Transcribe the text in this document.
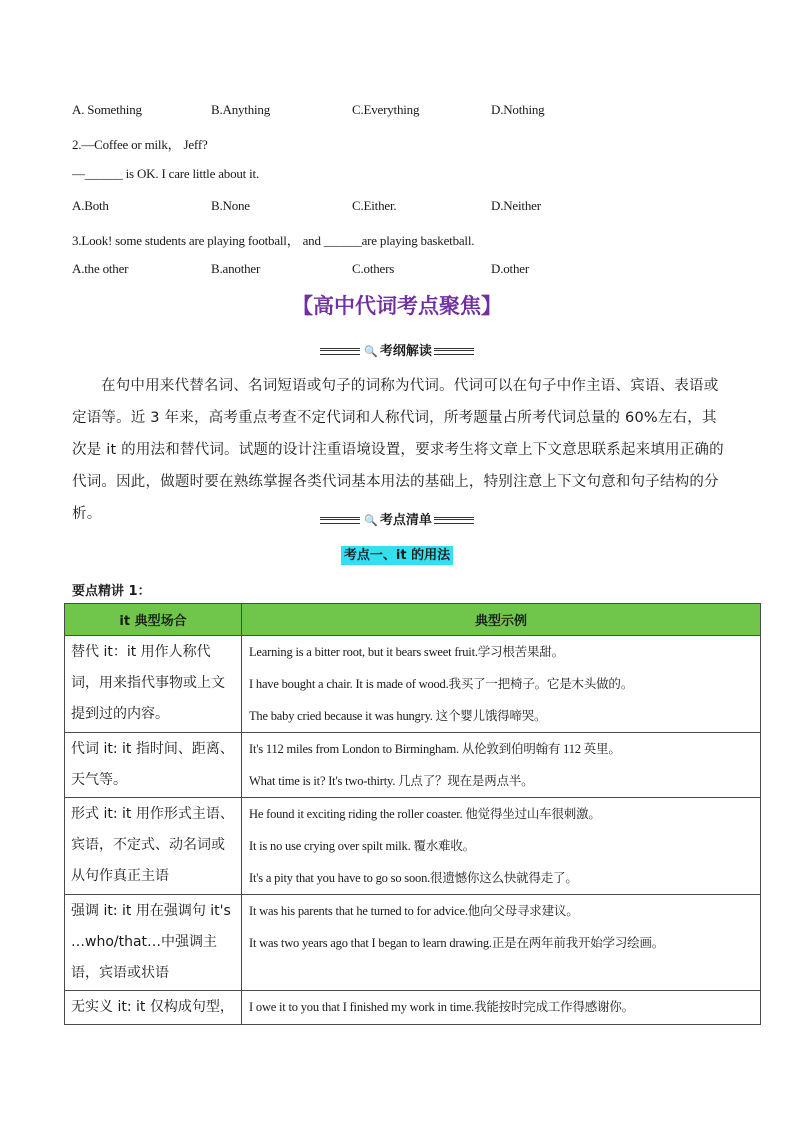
A. Something	B.Anything	C.Everything	D.Nothing
2.—Coffee or milk， Jeff?
—______ is OK. I care little about it.
A.Both	B.None	C.Either.	D.Neither
3.Look! some students are playing football， and ______are playing basketball.
A.the other	B.another	C.others	D.other
【高中代词考点聚焦】
🔍 考纲解读
在句中用来代替名词、名词短语或句子的词称为代词。代词可以在句子中作主语、宾语、表语或定语等。近 3 年来，高考重点考查不定代词和人称代词，所考题量占所考代词总量的 60%左右，其次是 it 的用法和替代词。试题的设计注重语境设置，要求考生将文章上下文意思联系起来填用正确的代词。因此，做题时要在熟练掌握各类代词基本用法的基础上，特别注意上下文句意和句子结构的分析。	🔍 考点清单
考点一、it 的用法
要点精讲 1：
it 典型场合	典型示例
替代 it：it 用作人称代词，用来指代事物或上文提到过的内容。	Learning is a bitter root, but it bears sweet fruit.学习根苦果甜。
I have bought a chair. It is made of wood.我买了一把椅子。它是木头做的。
The baby cried because it was hungry. 这个婴儿饿得啼哭。

代词 it: it 指时间、距离、天气等。	It's 112 miles from London to Birmingham. 从伦敦到伯明翰有 112 英里。
What time is it? It's two-thirty. 几点了？现在是两点半。

形式 it: it 用作形式主语、宾语，不定式、动名词或从句作真正主语	He found it exciting riding the roller coaster. 他觉得坐过山车很刺激。
It is no use crying over spilt milk. 覆水难收。
It's a pity that you have to go so soon.很遗憾你这么快就得走了。

强调 it: it 用在强调句 it's …who/that…中强调主语，宾语或状语	It was his parents that he turned to for advice.他向父母寻求建议。
It was two years ago that I began to learn drawing.正是在两年前我开始学习绘画。

无实义 it: it 仅构成句型，	I owe it to you that I finished my work in time.我能按时完成工作得感谢你。
